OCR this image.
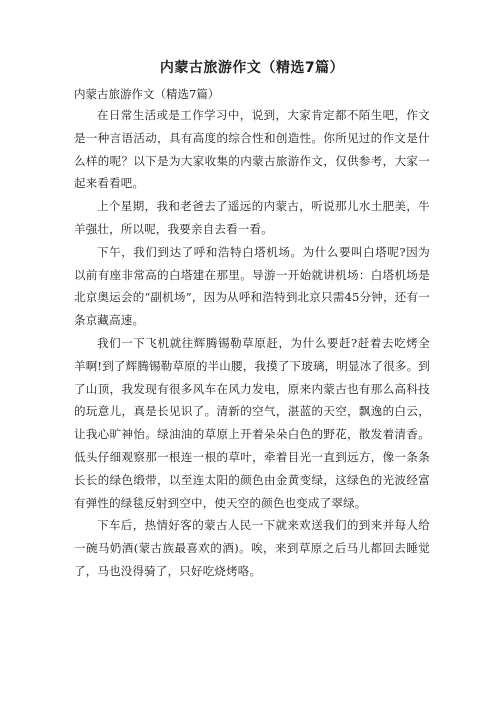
内蒙古旅游作文（精选7篇）

内蒙古旅游作文（精选7篇）

在日常生活或是工作学习中，说到，大家肯定都不陌生吧，作文是一种言语活动，具有高度的综合性和创造性。你所见过的作文是什么样的呢？以下是为大家收集的内蒙古旅游作文，仅供参考，大家一起来看看吧。

上个星期，我和老爸去了遥远的内蒙古，听说那儿水土肥美，牛羊强壮，所以呢，我要亲自去看一看。

下午，我们到达了呼和浩特白塔机场。为什么要叫白塔呢?因为以前有座非常高的白塔建在那里。导游一开始就讲机场：白塔机场是北京奥运会的“副机场”，因为从呼和浩特到北京只需45分钟，还有一条京藏高速。

我们一下飞机就往辉腾锡勒草原赶，为什么要赶?赶着去吃烤全羊啊!到了辉腾锡勒草原的半山腰，我摸了下玻璃，明显冰了很多。到了山顶，我发现有很多风车在风力发电，原来内蒙古也有那么高科技的玩意儿，真是长见识了。清新的空气，湛蓝的天空，飘逸的白云，让我心旷神怡。绿油油的草原上开着朵朵白色的野花，散发着清香。低头仔细观察那一根连一根的草叶，牵着目光一直到远方，像一条条长长的绿色缎带，以至连太阳的颜色由金黄变绿，这绿色的光波经富有弹性的绿毯反射到空中，使天空的颜色也变成了翠绿。

下车后，热情好客的蒙古人民一下就来欢送我们的到来并每人给一碗马奶酒(蒙古族最喜欢的酒)。唉，来到草原之后马儿都回去睡觉了，马也没得骑了，只好吃烧烤咯。
